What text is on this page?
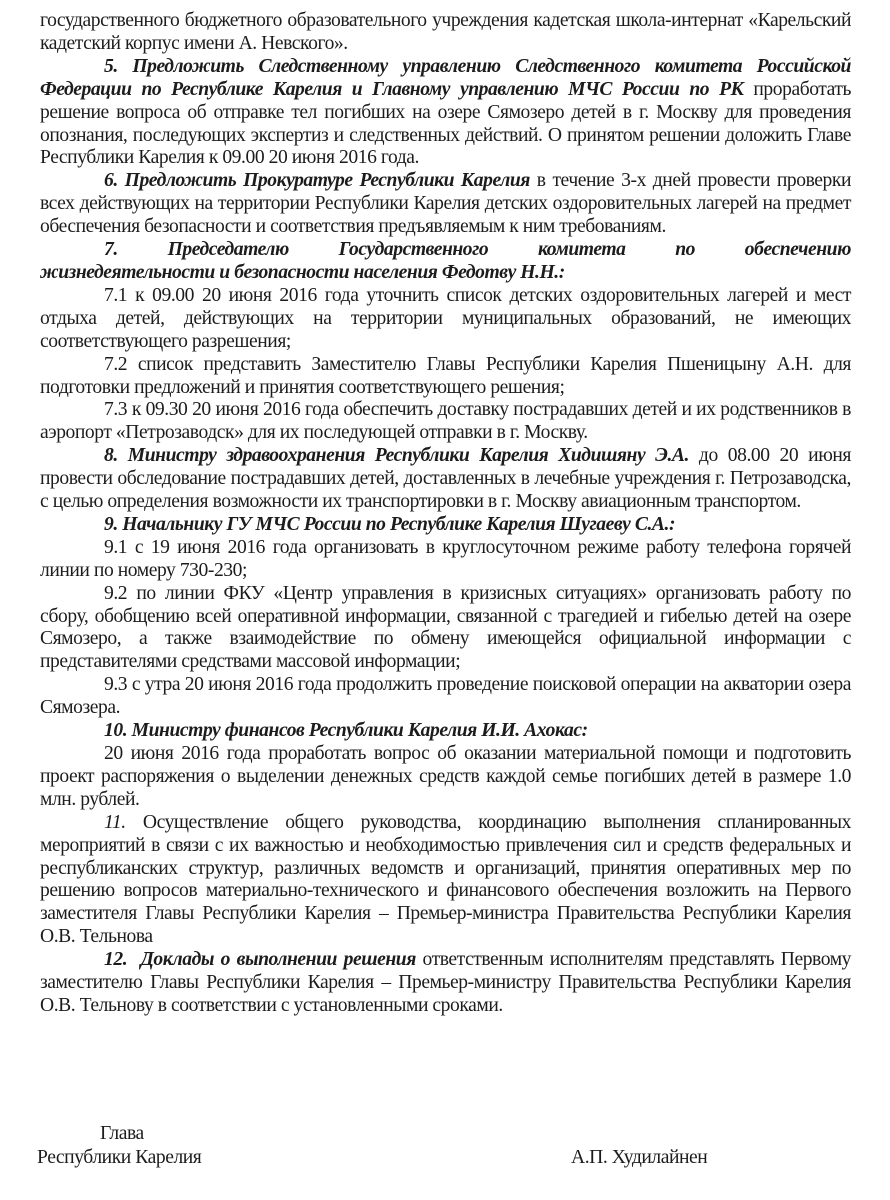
государственного бюджетного образовательного учреждения кадетская школа-интернат «Карельский кадетский корпус имени А. Невского».

5. Предложить Следственному управлению Следственного комитета Российской Федерации по Республике Карелия и Главному управлению МЧС России по РК проработать решение вопроса об отправке тел погибших на озере Сямозеро детей в г. Москву для проведения опознания, последующих экспертиз и следственных действий. О принятом решении доложить Главе Республики Карелия к 09.00 20 июня 2016 года.

6. Предложить Прокуратуре Республики Карелия в течение 3-х дней провести проверки всех действующих на территории Республики Карелия детских оздоровительных лагерей на предмет обеспечения безопасности и соответствия предъявляемым к ним требованиям.

7.	Председателю	Государственного	комитета	по	обеспечению

жизнедеятельности и безопасности населения Федотву Н.Н.:

7.1 к 09.00 20 июня 2016 года уточнить список детских оздоровительных лагерей и мест отдыха детей, действующих на территории муниципальных образований, не имеющих соответствующего разрешения;

7.2 список представить Заместителю Главы Республики Карелия Пшеницыну А.Н. для подготовки предложений и принятия соответствующего решения;

7.3 к 09.30 20 июня 2016 года обеспечить доставку пострадавших детей и их родственников в аэропорт «Петрозаводск» для их последующей отправки в г. Москву.

8. Министру здравоохранения Республики Карелия Хидишяну Э.А. до 08.00 20 июня провести обследование пострадавших детей, доставленных в лечебные учреждения г. Петрозаводска, с целью определения возможности их транспортировки в г. Москву авиационным транспортом.

9. Начальнику ГУ МЧС России по Республике Карелия Шугаеву С.А.:

9.1 с 19 июня 2016 года организовать в круглосуточном режиме работу телефона горячей линии по номеру 730-230;

9.2 по линии ФКУ «Центр управления в кризисных ситуациях» организовать работу по сбору, обобщению всей оперативной информации, связанной с трагедией и гибелью детей на озере Сямозеро, а также взаимодействие по обмену имеющейся официальной информации с представителями средствами массовой информации;

9.3 с утра 20 июня 2016 года продолжить проведение поисковой операции на акватории озера Сямозера.

10. Министру финансов Республики Карелия И.И. Ахокас:

20 июня 2016 года проработать вопрос об оказании материальной помощи и подготовить проект распоряжения о выделении денежных средств каждой семье погибших детей в размере 1.0 млн. рублей.

11. Осуществление общего руководства, координацию выполнения спланированных мероприятий в связи с их важностью и необходимостью привлечения сил и средств федеральных и республиканских структур, различных ведомств и организаций, принятия оперативных мер по решению вопросов материально-технического и финансового обеспечения возложить на Первого заместителя Главы Республики Карелия – Премьер-министра Правительства Республики Карелия О.В. Тельнова

12. Доклады о выполнении решения ответственным исполнителям представлять Первому заместителю Главы Республики Карелия – Премьер-министру Правительства Республики Карелия О.В. Тельнову в соответствии с установленными сроками.

Глава
Республики Карелия	А.П. Худилайнен
